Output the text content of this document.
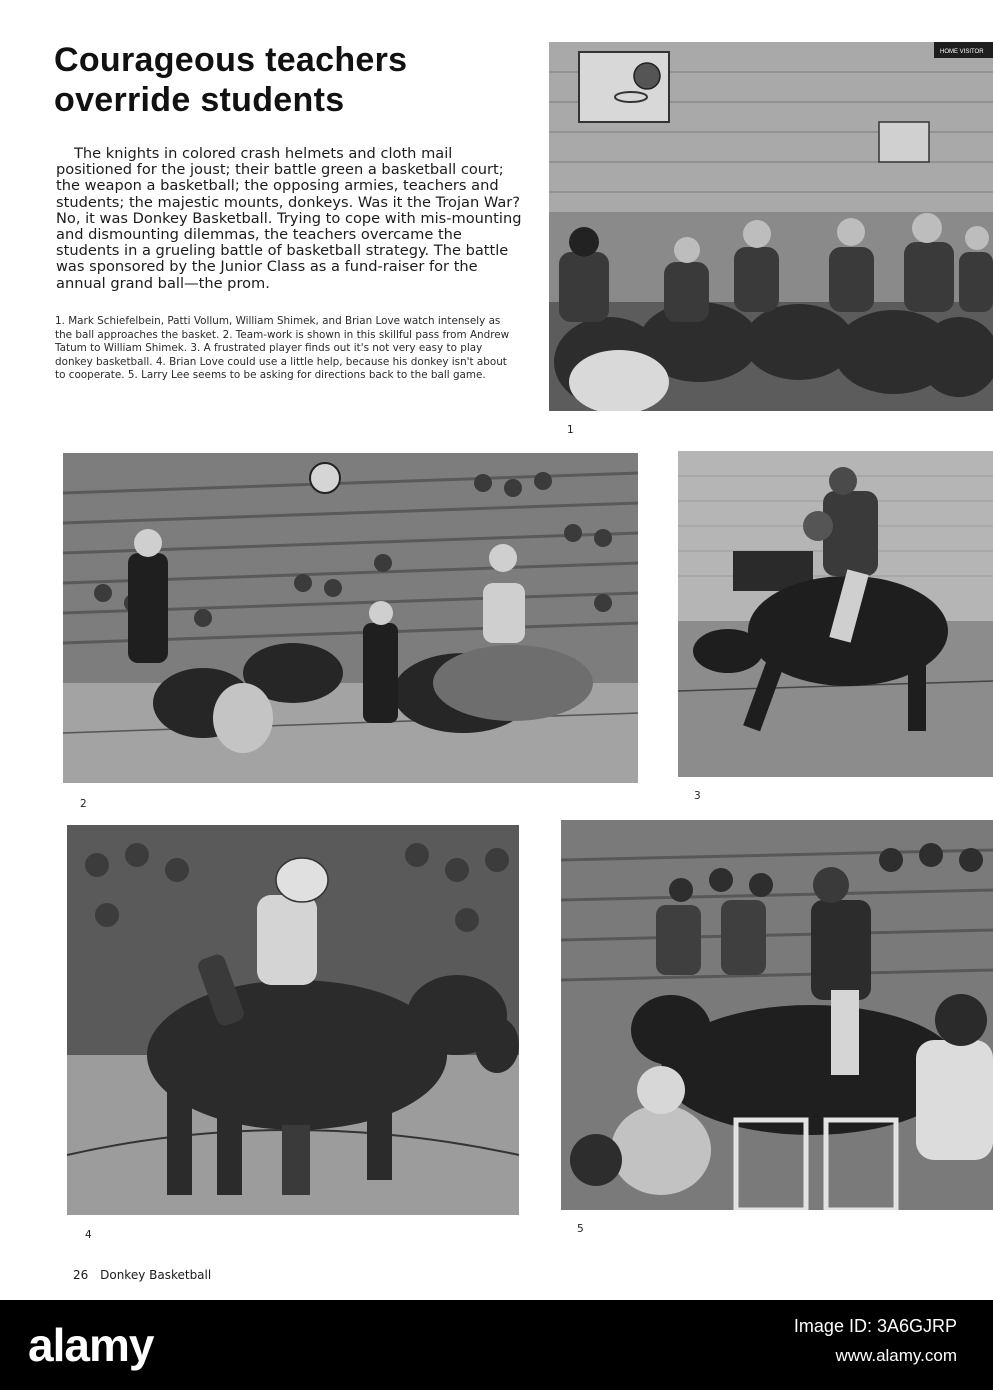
Courageous teachers
override students

The knights in colored crash helmets and cloth mail positioned for the joust; their battle green a basketball court; the weapon a basketball; the opposing armies, teachers and students; the majestic mounts, donkeys. Was it the Trojan War? No, it was Donkey Basketball. Trying to cope with mis-mounting and dismounting dilemmas, the teachers overcame the students in a grueling battle of basketball strategy. The battle was sponsored by the Junior Class as a fund-raiser for the annual grand ball—the prom.

1. Mark Schiefelbein, Patti Vollum, William Shimek, and Brian Love watch intensely as the ball approaches the basket. 2. Team-work is shown in this skillful pass from Andrew Tatum to William Shimek. 3. A frustrated player finds out it's not very easy to play donkey basketball. 4. Brian Love could use a little help, because his donkey isn't about to cooperate. 5. Larry Lee seems to be asking for directions back to the ball game.

HOME VISITOR
1
2
3
4	5
26 Donkey Basketball
alamy	Image ID: 3A6GJRP
www.alamy.com
